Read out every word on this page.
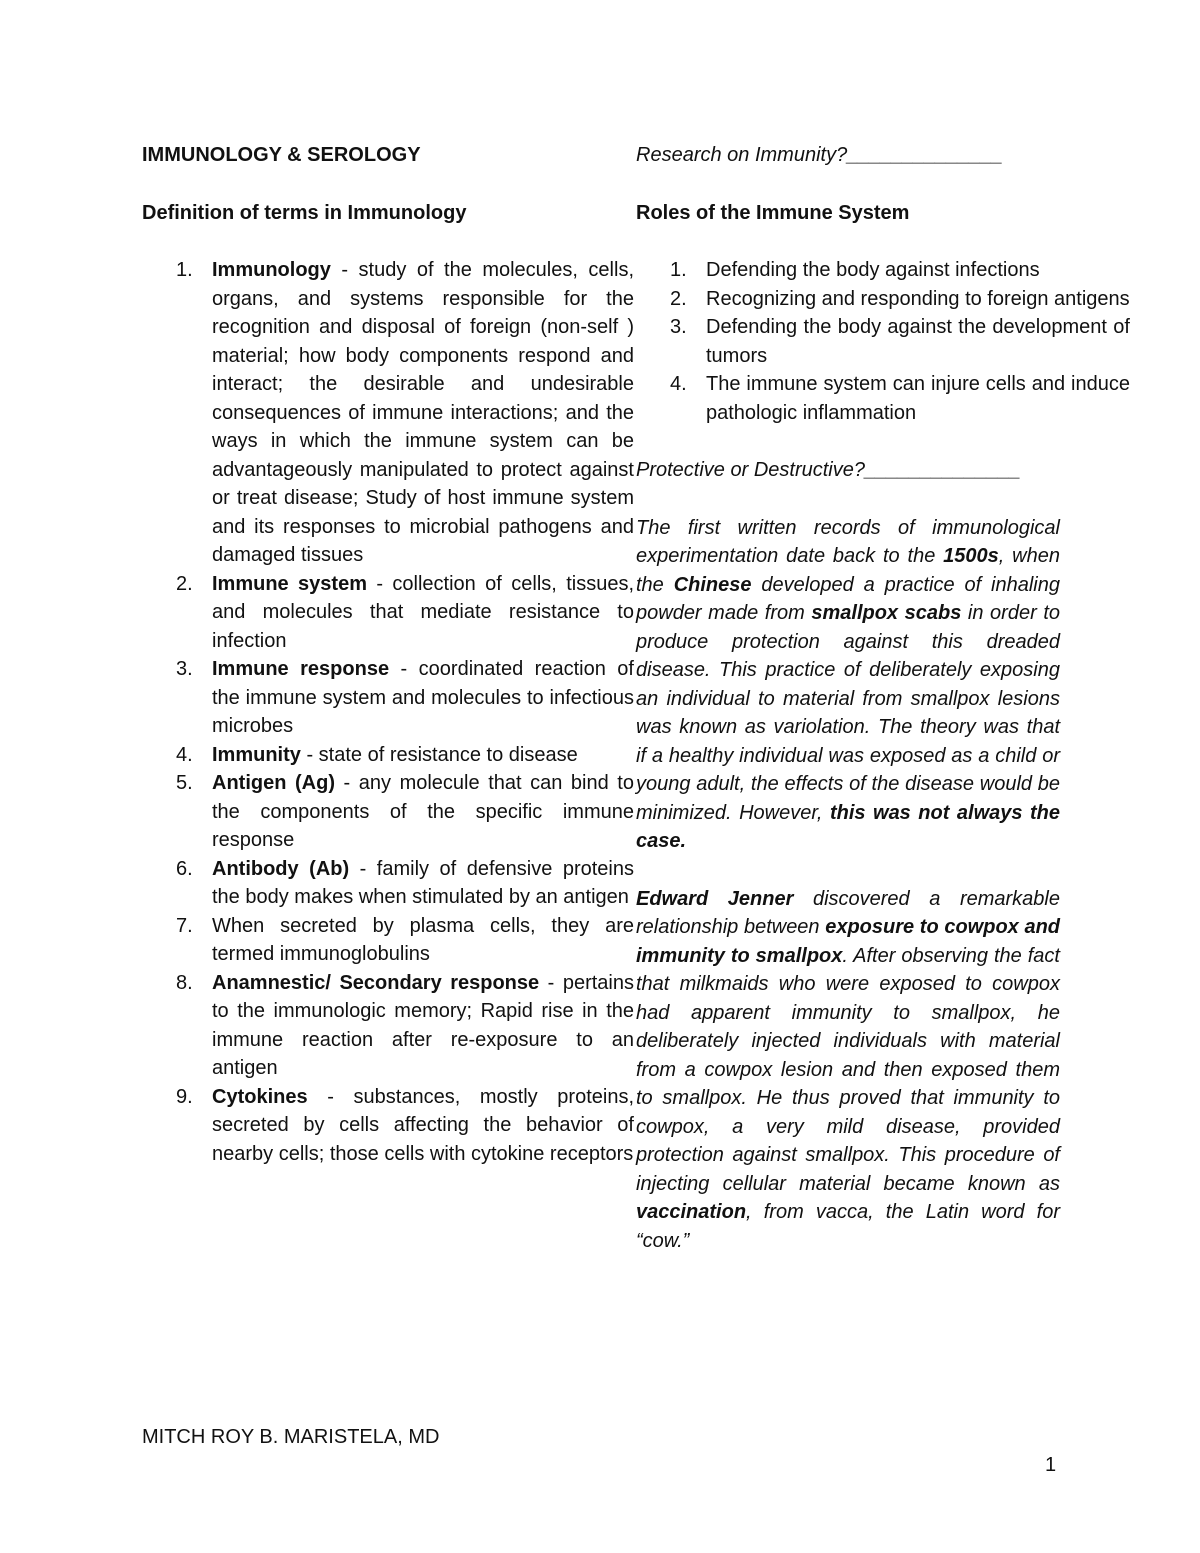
IMMUNOLOGY & SEROLOGY

Definition of terms in Immunology

1. Immunology - study of the molecules, cells, organs, and systems responsible for the recognition and disposal of foreign (non-self ) material; how body components respond and interact; the desirable and undesirable consequences of immune interactions; and the ways in which the immune system can be advantageously manipulated to protect against or treat disease; Study of host immune system and its responses to microbial pathogens and damaged tissues
2. Immune system - collection of cells, tissues, and molecules that mediate resistance to infection
3. Immune response - coordinated reaction of the immune system and molecules to infectious microbes
4. Immunity - state of resistance to disease
5. Antigen (Ag) - any molecule that can bind to the components of the specific immune response
6. Antibody (Ab) - family of defensive proteins the body makes when stimulated by an antigen
7. When secreted by plasma cells, they are termed immunoglobulins
8. Anamnestic/ Secondary response - pertains to the immunologic memory; Rapid rise in the immune reaction after re-exposure to an antigen
9. Cytokines - substances, mostly proteins, secreted by cells affecting the behavior of nearby cells; those cells with cytokine receptors

Research on Immunity?______________

Roles of the Immune System

1. Defending the body against infections
2. Recognizing and responding to foreign antigens
3. Defending the body against the development of tumors
4. The immune system can injure cells and induce pathologic inflammation

Protective or Destructive?______________

The first written records of immunological experimentation date back to the 1500s, when the Chinese developed a practice of inhaling powder made from smallpox scabs in order to produce protection against this dreaded disease. This practice of deliberately exposing an individual to material from smallpox lesions was known as variolation. The theory was that if a healthy individual was exposed as a child or young adult, the effects of the disease would be minimized. However, this was not always the case.

Edward Jenner discovered a remarkable relationship between exposure to cowpox and immunity to smallpox. After observing the fact that milkmaids who were exposed to cowpox had apparent immunity to smallpox, he deliberately injected individuals with material from a cowpox lesion and then exposed them to smallpox. He thus proved that immunity to cowpox, a very mild disease, provided protection against smallpox. This procedure of injecting cellular material became known as vaccination, from vacca, the Latin word for “cow.”

MITCH ROY B. MARISTELA, MD
1
